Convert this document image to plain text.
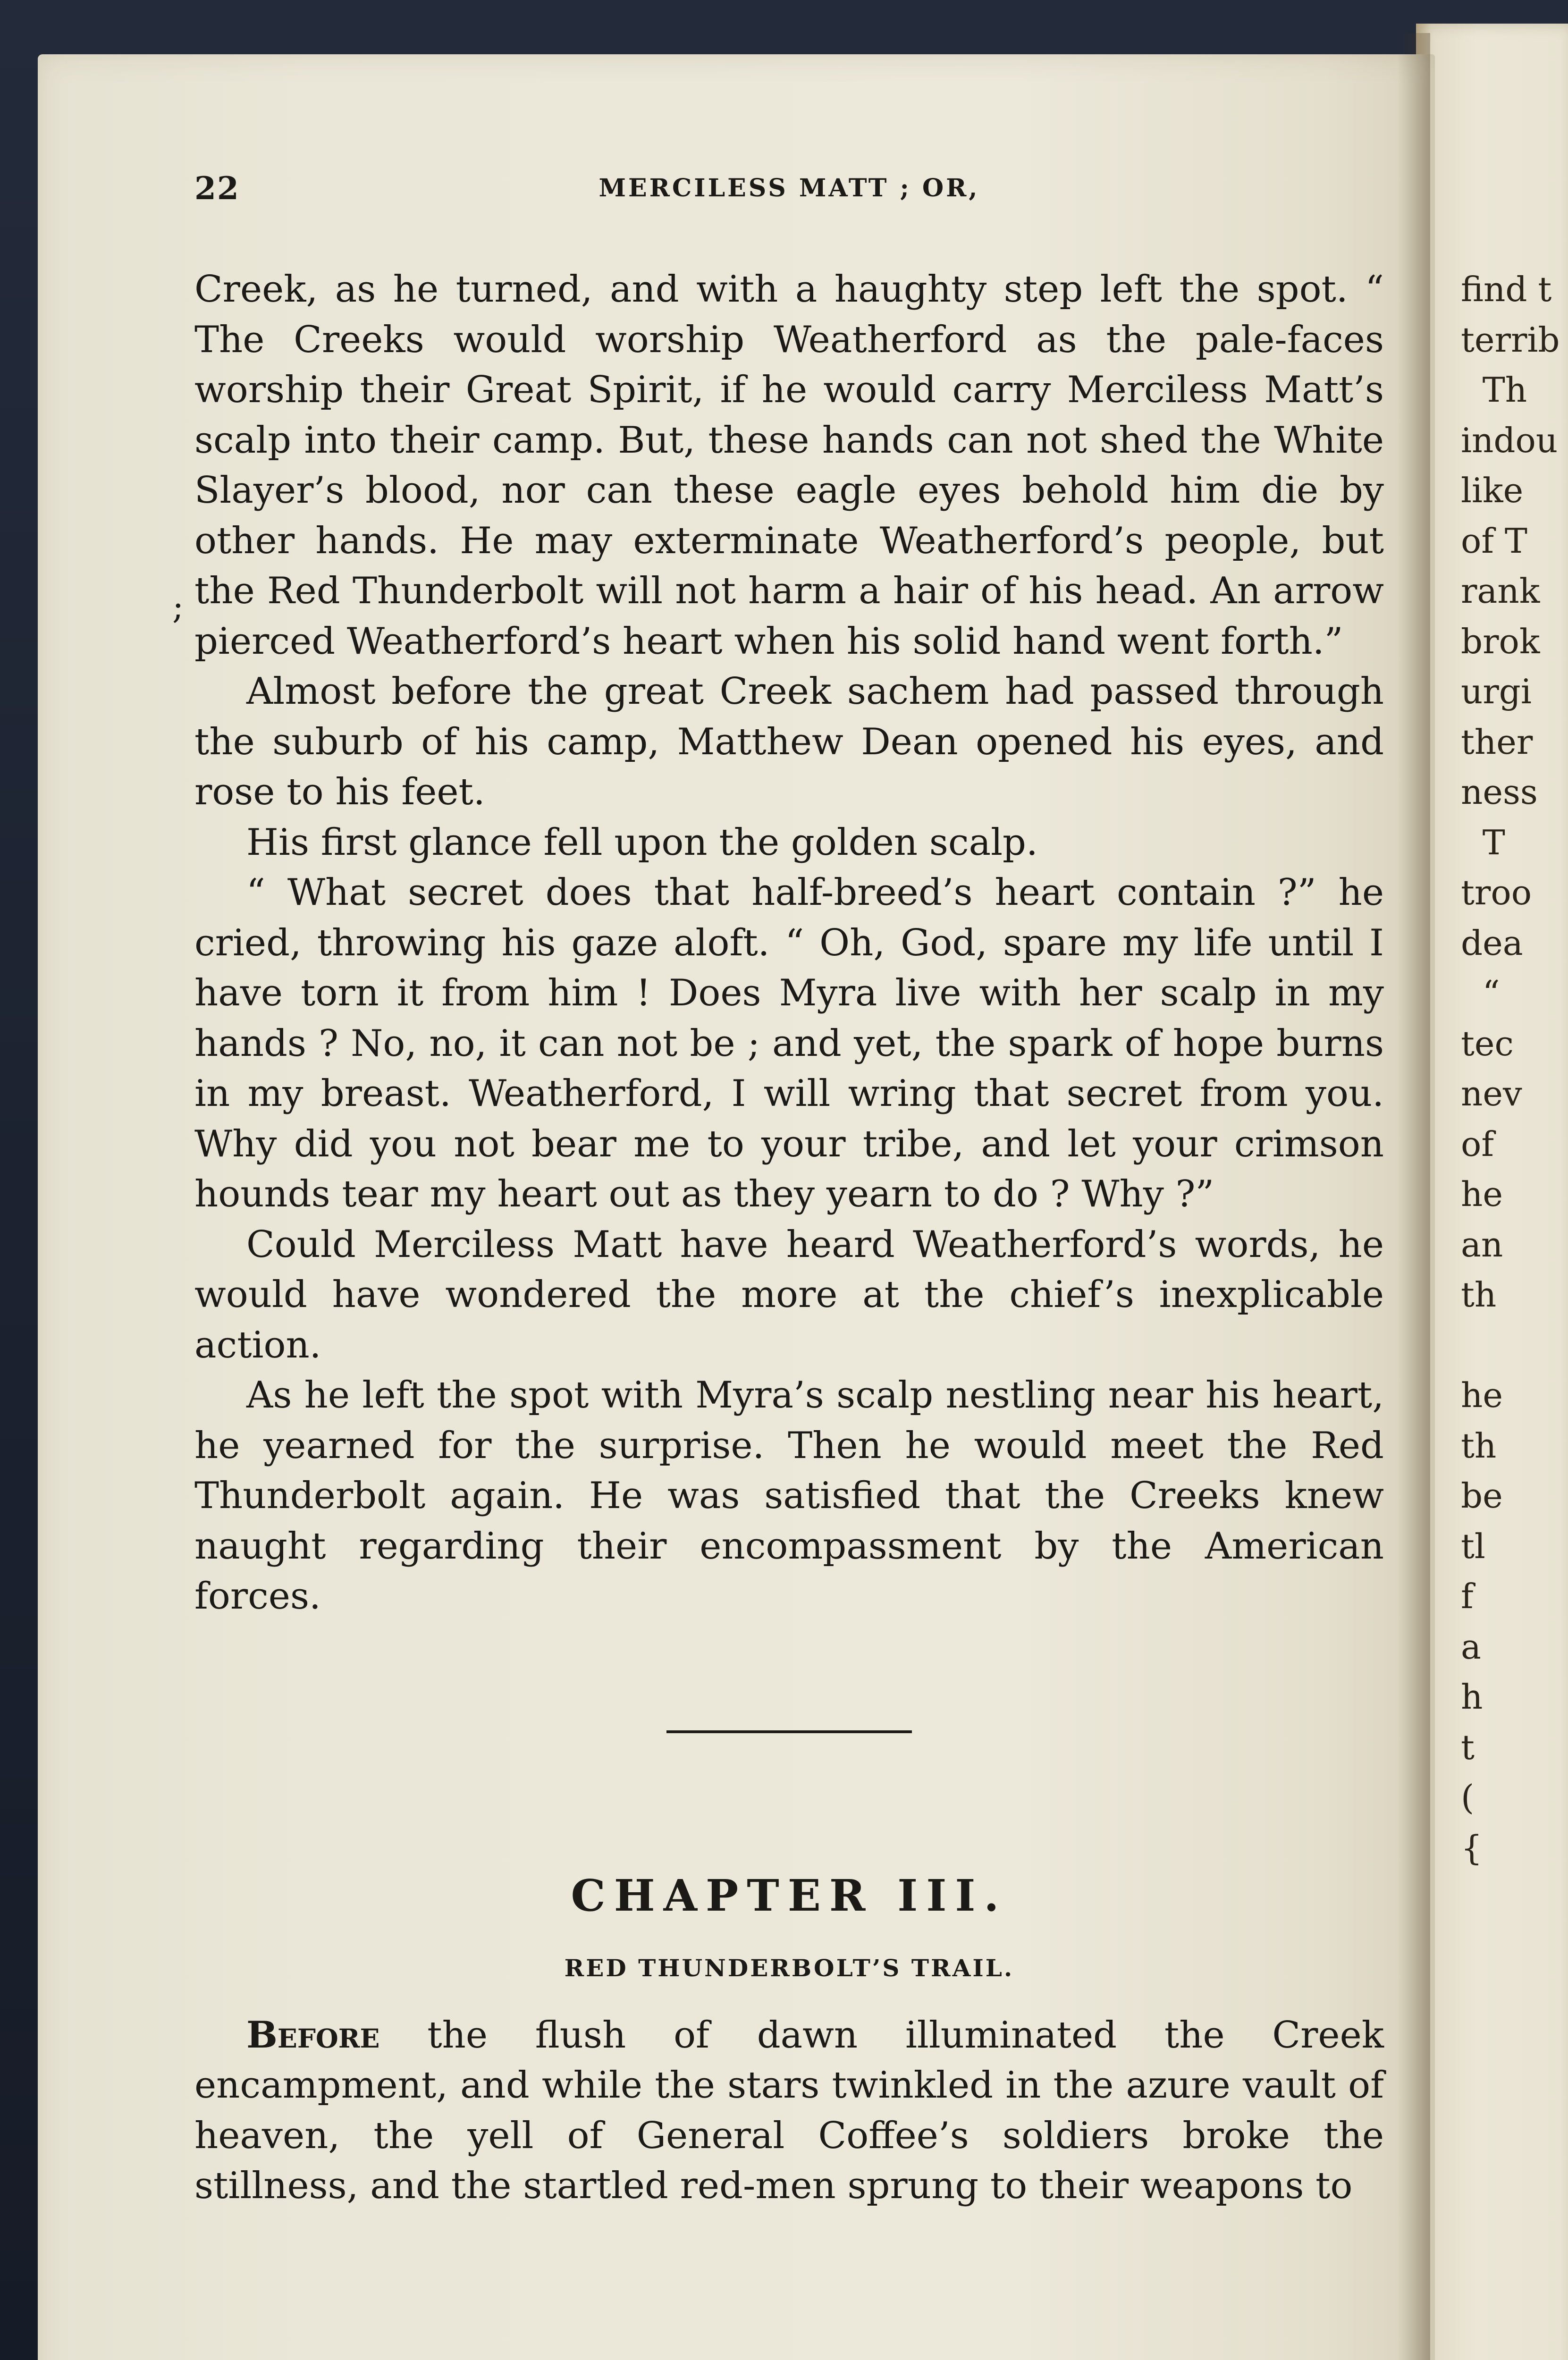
find t
terrib
Th
indou
like
of T
rank
brok
urgi
ther
ness
T
troo
dea
“
tec
nev
of
he
an
th

he
th
be
tl
f
a
h
t
(
{
;
22	MERCILESS MATT ; OR,

Creek, as he turned, and with a haughty step left the spot. “ The Creeks would worship Weatherford as the pale-faces worship their Great Spirit, if he would carry Merciless Matt’s scalp into their camp. But, these hands can not shed the White Slayer’s blood, nor can these eagle eyes behold him die by other hands. He may exterminate Weatherford’s people, but the Red Thunderbolt will not harm a hair of his head. An arrow pierced Weatherford’s heart when his solid hand went forth.”

Almost before the great Creek sachem had passed through the suburb of his camp, Matthew Dean opened his eyes, and rose to his feet.

His first glance fell upon the golden scalp.

“ What secret does that half-breed’s heart contain ?” he cried, throwing his gaze aloft. “ Oh, God, spare my life until I have torn it from him ! Does Myra live with her scalp in my hands ? No, no, it can not be ; and yet, the spark of hope burns in my breast. Weatherford, I will wring that secret from you. Why did you not bear me to your tribe, and let your crimson hounds tear my heart out as they yearn to do ? Why ?”

Could Merciless Matt have heard Weatherford’s words, he would have wondered the more at the chief’s inexplicable action.

As he left the spot with Myra’s scalp nestling near his heart, he yearned for the surprise. Then he would meet the Red Thunderbolt again. He was satisfied that the Creeks knew naught regarding their encompassment by the American forces.

CHAPTER III.
RED THUNDERBOLT’S TRAIL.

Before the flush of dawn illuminated the Creek encampment, and while the stars twinkled in the azure vault of heaven, the yell of General Coffee’s soldiers broke the stillness, and the startled red-men sprung to their weapons to
